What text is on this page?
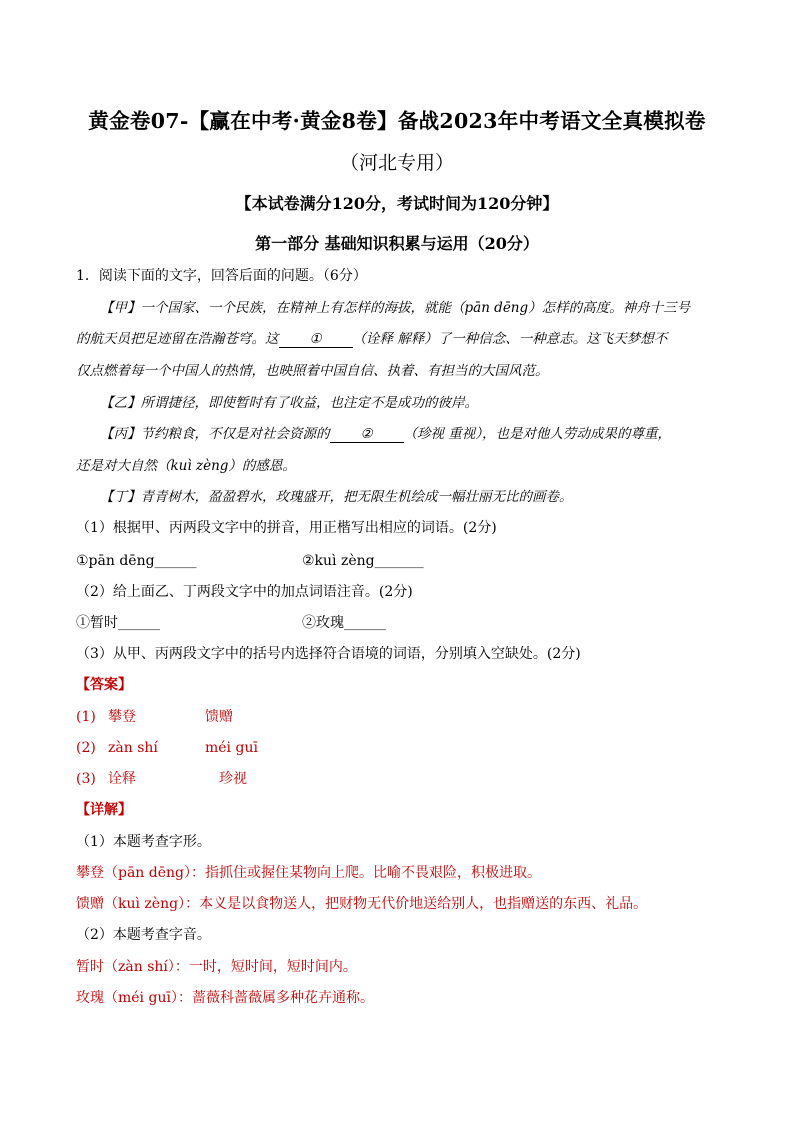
黄金卷07-【赢在中考·黄金8卷】备战2023年中考语文全真模拟卷
（河北专用）
【本试卷满分120分，考试时间为120分钟】
第一部分 基础知识积累与运用（20分）
1．阅读下面的文字，回答后面的问题。（6分）
【甲】一个国家、一个民族，在精神上有怎样的海拔，就能（pān dēng）怎样的高度。神舟十三号
的航天员把足迹留在浩瀚苍穹。这 ① （诠释 解释）了一种信念、一种意志。这飞天梦想不
仅点燃着每一个中国人的热情，也映照着中国自信、执着、有担当的大国风范。
【乙】所谓捷径，即使暂时有了收益，也注定不是成功的彼岸。
【丙】节约粮食，不仅是对社会资源的 ② （珍视 重视），也是对他人劳动成果的尊重，
还是对大自然（kuì zèng）的感恩。
【丁】青青树木，盈盈碧水，玫瑰盛开，把无限生机绘成一幅壮丽无比的画卷。
（1）根据甲、丙两段文字中的拼音，用正楷写出相应的词语。(2分)
①pān dēng______	②kuì zèng_______
（2）给上面乙、丁两段文字中的加点词语注音。(2分)
①暂时______	②玫瑰______
（3）从甲、丙两段文字中的括号内选择符合语境的词语，分别填入空缺处。(2分)
【答案】
(1) 攀登	馈赠
(2) zàn shí	méi guī
(3) 诠释	珍视
【详解】
（1）本题考查字形。
攀登（pān dēng）：指抓住或握住某物向上爬。比喻不畏艰险，积极进取。
馈赠（kuì zèng）：本义是以食物送人，把财物无代价地送给别人，也指赠送的东西、礼品。
（2）本题考查字音。
暂时（zàn shí）：一时，短时间，短时间内。
玫瑰（méi guī）：蔷薇科蔷薇属多种花卉通称。
